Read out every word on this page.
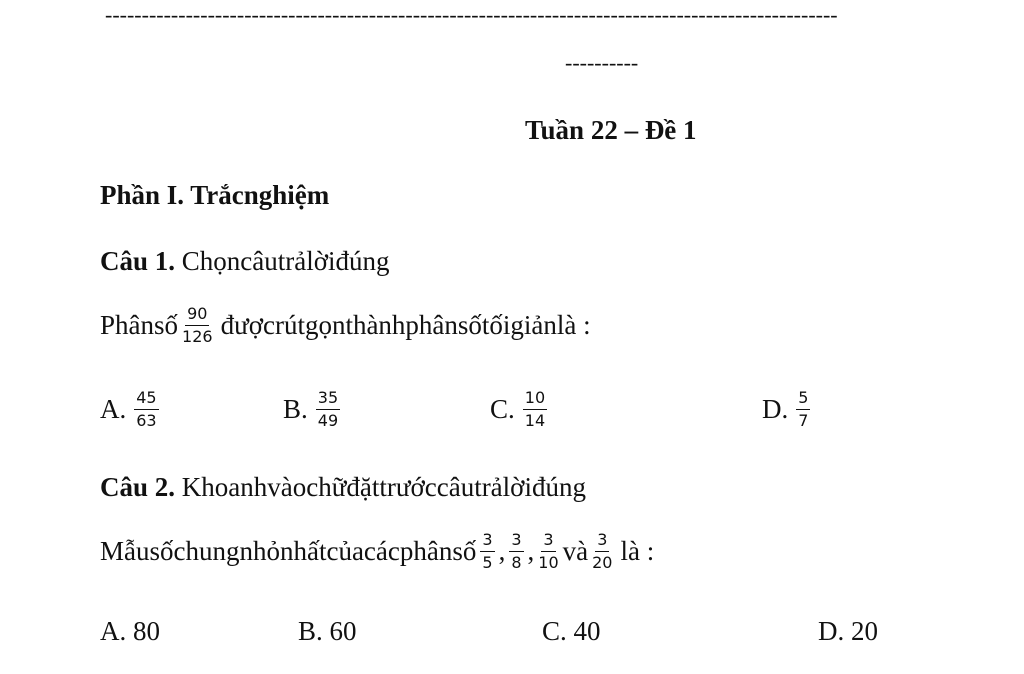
----------------------------------------------------------------------------------------------------
----------
Tuần 22 – Đề 1
Phần I. Trắcnghiệm
Câu 1. Chọncâutrảlờiđúng
Phânsố $\frac{90}{126}$ đượcrútgọnthànhphânsốtốigiảnlà :
A. $\frac{45}{63}$	B. $\frac{35}{49}$	C. $\frac{10}{14}$	D. $\frac{5}{7}$
Câu 2. Khoanhvàochữđặttrướccâutrảlờiđúng
Mẫusốchungnhỏnhấtcủacácphânsố $\frac{3}{5}$ , $\frac{3}{8}$ , $\frac{3}{10}$ và $\frac{3}{20}$ là :
A. 80	B. 60	C. 40	D. 20
